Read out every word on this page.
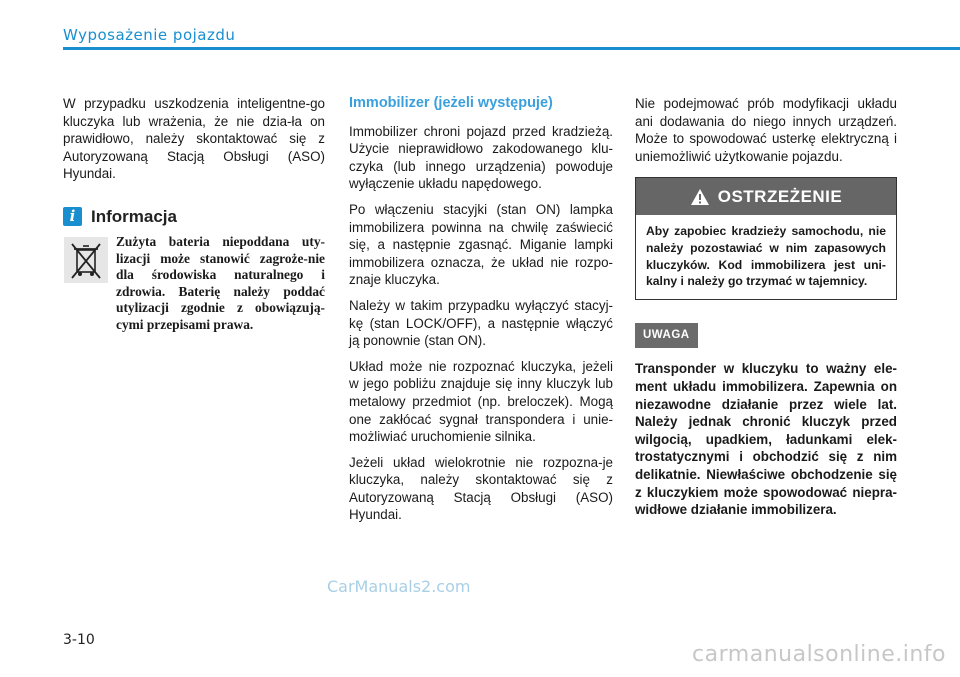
Wyposażenie pojazdu

W przypadku uszkodzenia inteligentne-go kluczyka lub wrażenia, że nie dzia-ła on prawidłowo, należy skontaktować się z Autoryzowaną Stacją Obsługi (ASO) Hyundai.

i Informacja

Zużyta bateria niepoddana uty-lizacji może stanowić zagroże-nie dla środowiska naturalnego i zdrowia. Baterię należy poddać utylizacji zgodnie z obowiązują-cymi przepisami prawa.

Immobilizer (jeżeli występuje)

Immobilizer chroni pojazd przed kradzieżą. Użycie nieprawidłowo zakodowanego klu-czyka (lub innego urządzenia) powoduje wyłączenie układu napędowego.

Po włączeniu stacyjki (stan ON) lampka immobilizera powinna na chwilę zaświecić się, a następnie zgasnąć. Miganie lampki immobilizera oznacza, że układ nie rozpo-znaje kluczyka.

Należy w takim przypadku wyłączyć stacyj-kę (stan LOCK/OFF), a następnie włączyć ją ponownie (stan ON).

Układ może nie rozpoznać kluczyka, jeżeli w jego pobliżu znajduje się inny kluczyk lub metalowy przedmiot (np. breloczek). Mogą one zakłócać sygnał transpondera i unie-możliwiać uruchomienie silnika.

Jeżeli układ wielokrotnie nie rozpozna-je kluczyka, należy skontaktować się z Autoryzowaną Stacją Obsługi (ASO) Hyundai.

Nie podejmować prób modyfikacji układu ani dodawania do niego innych urządzeń. Może to spowodować usterkę elektryczną i uniemożliwić użytkowanie pojazdu.

OSTRZEŻENIE
Aby zapobiec kradzieży samochodu, nie należy pozostawiać w nim zapasowych kluczyków. Kod immobilizera jest uni-kalny i należy go trzymać w tajemnicy.
UWAGA
Transponder w kluczyku to ważny ele-ment układu immobilizera. Zapewnia on niezawodne działanie przez wiele lat. Należy jednak chronić kluczyk przed wilgocią, upadkiem, ładunkami elek-trostatycznymi i obchodzić się z nim delikatnie. Niewłaściwe obchodzenie się z kluczykiem może spowodować niepra-widłowe działanie immobilizera.
CarManuals2.com
3-10
carmanualsonline.info
